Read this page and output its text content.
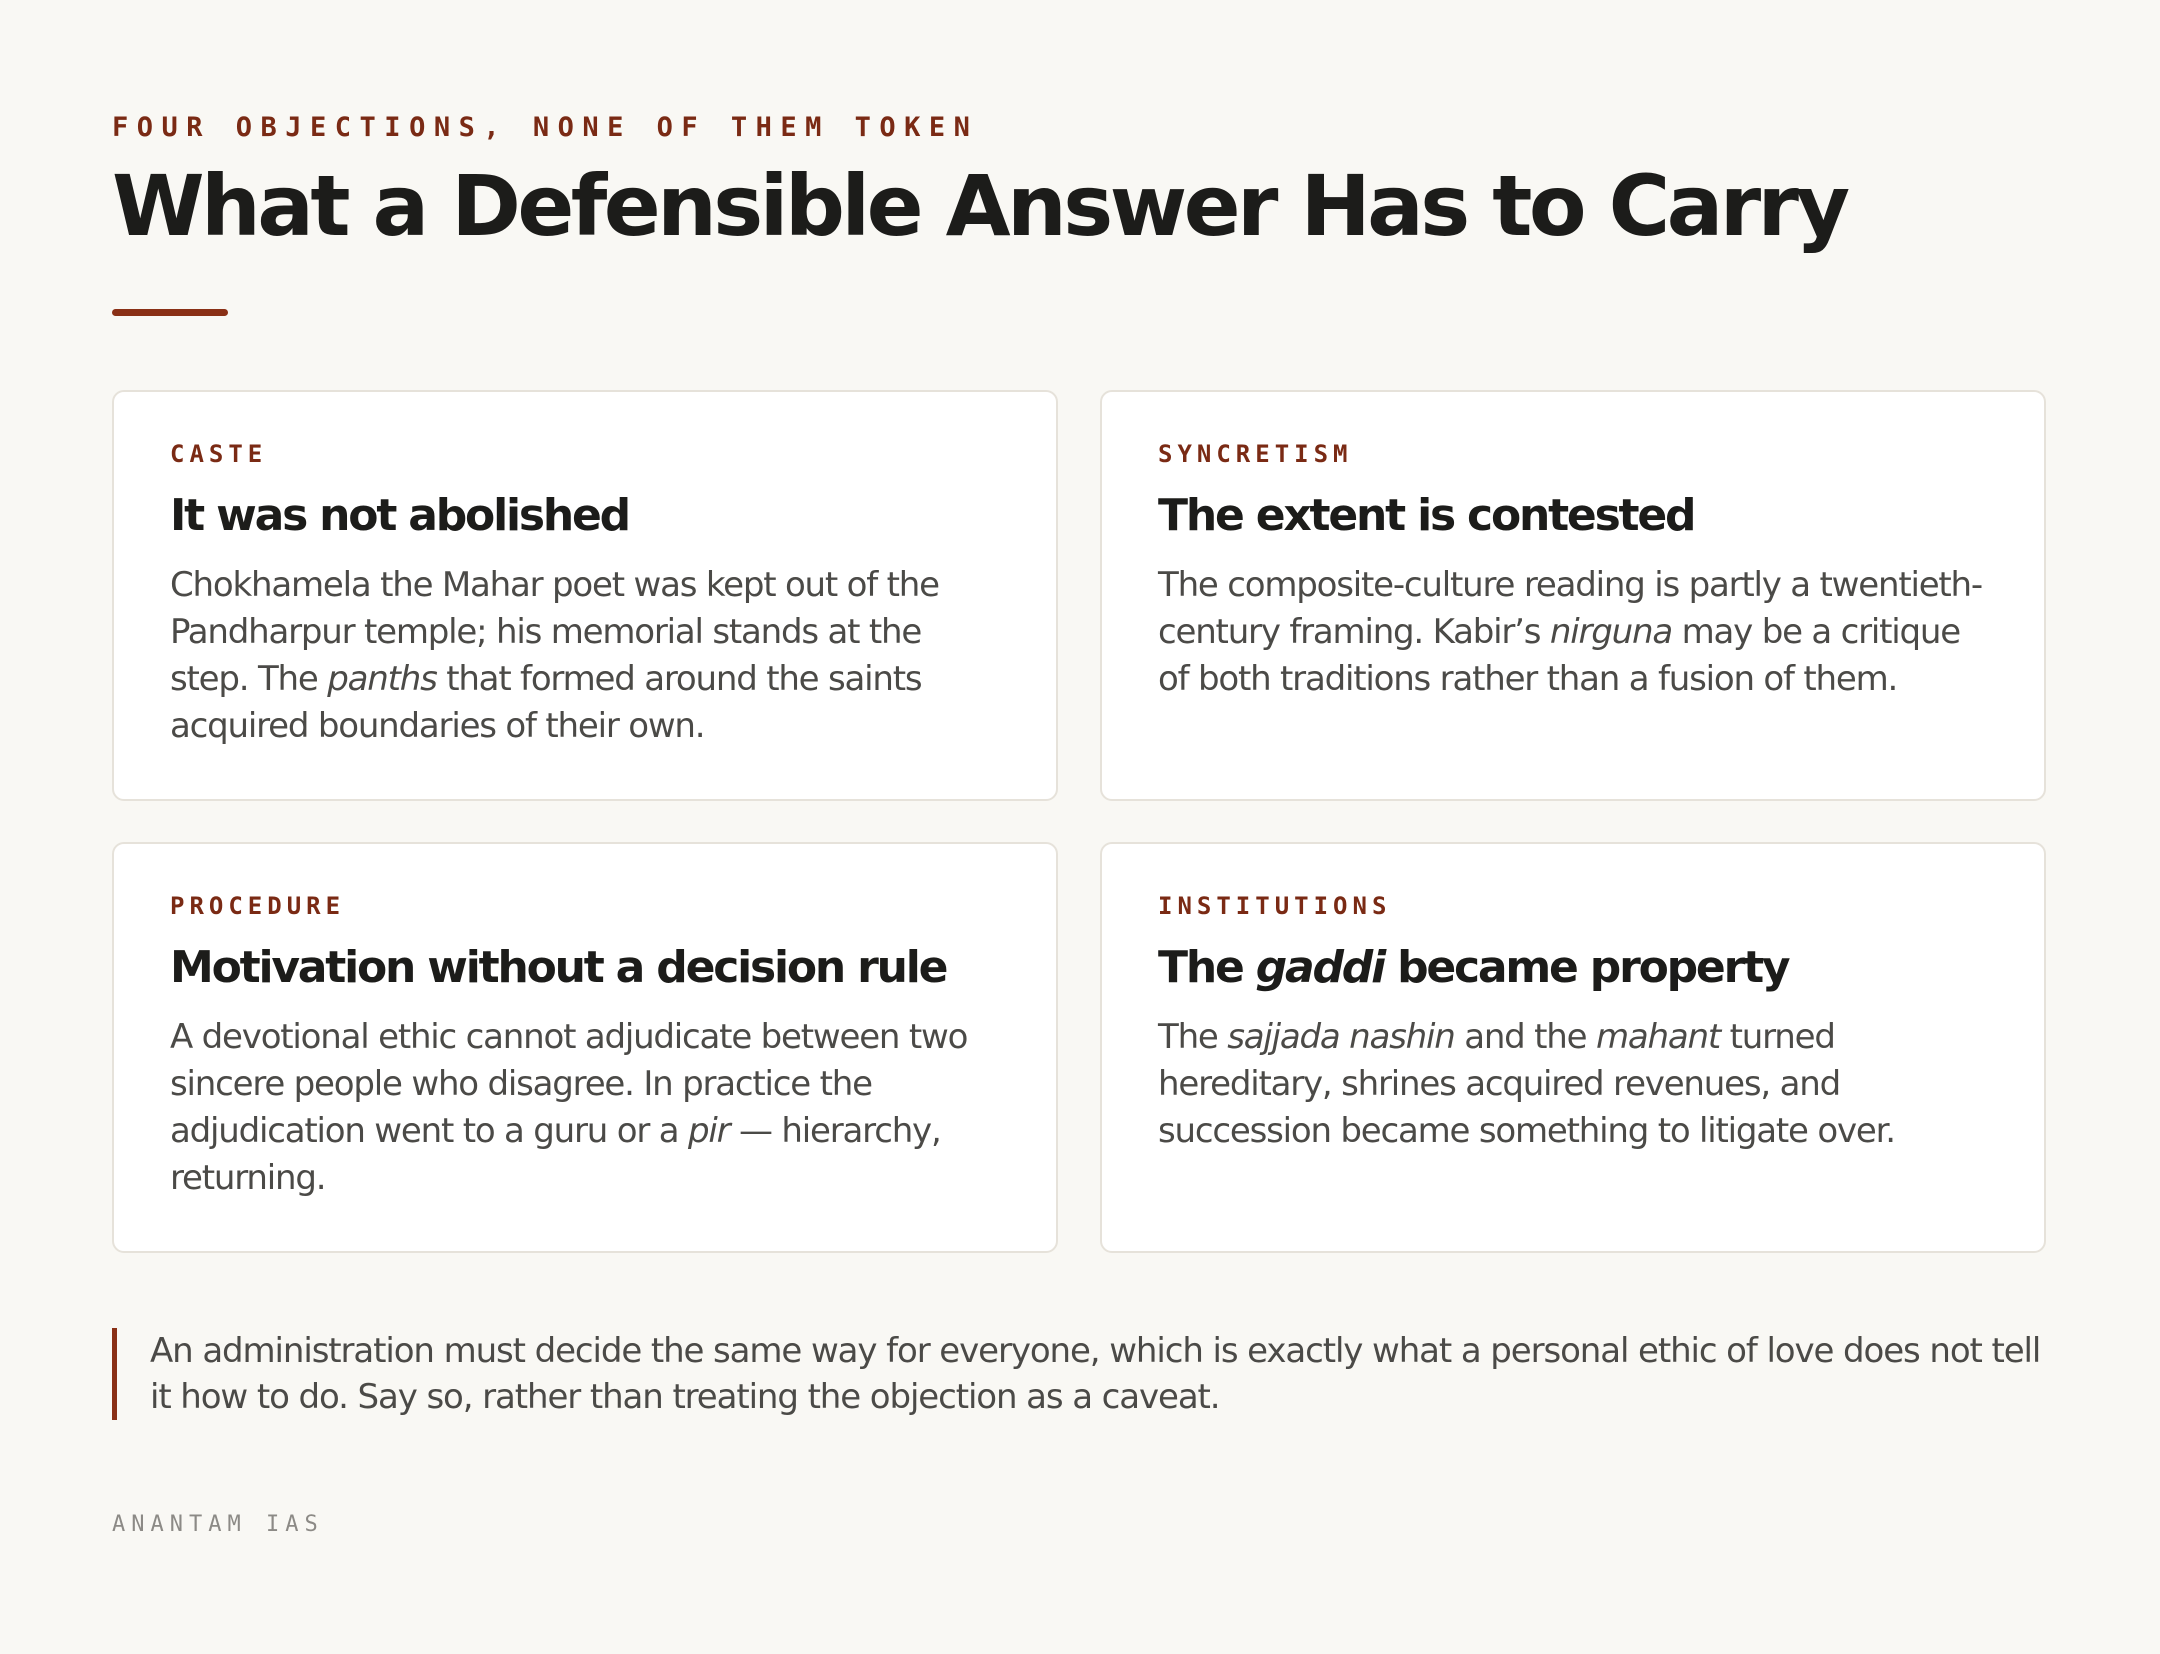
FOUR OBJECTIONS, NONE OF THEM TOKEN
What a Defensible Answer Has to Carry
CASTE
It was not abolished

Chokhamela the Mahar poet was kept out of the Pandharpur temple; his memorial stands at the step. The panths that formed around the saints acquired boundaries of their own.

SYNCRETISM
The extent is contested

The composite-culture reading is partly a twentieth-century framing. Kabir’s nirguna may be a critique of both traditions rather than a fusion of them.

PROCEDURE
Motivation without a decision rule

A devotional ethic cannot adjudicate between two sincere people who disagree. In practice the adjudication went to a guru or a pir — hierarchy, returning.

INSTITUTIONS
The gaddi became property

The sajjada nashin and the mahant turned hereditary, shrines acquired revenues, and succession became something to litigate over.

An administration must decide the same way for everyone, which is exactly what a personal ethic of love does not tell it how to do. Say so, rather than treating the objection as a caveat.
ANANTAM IAS
